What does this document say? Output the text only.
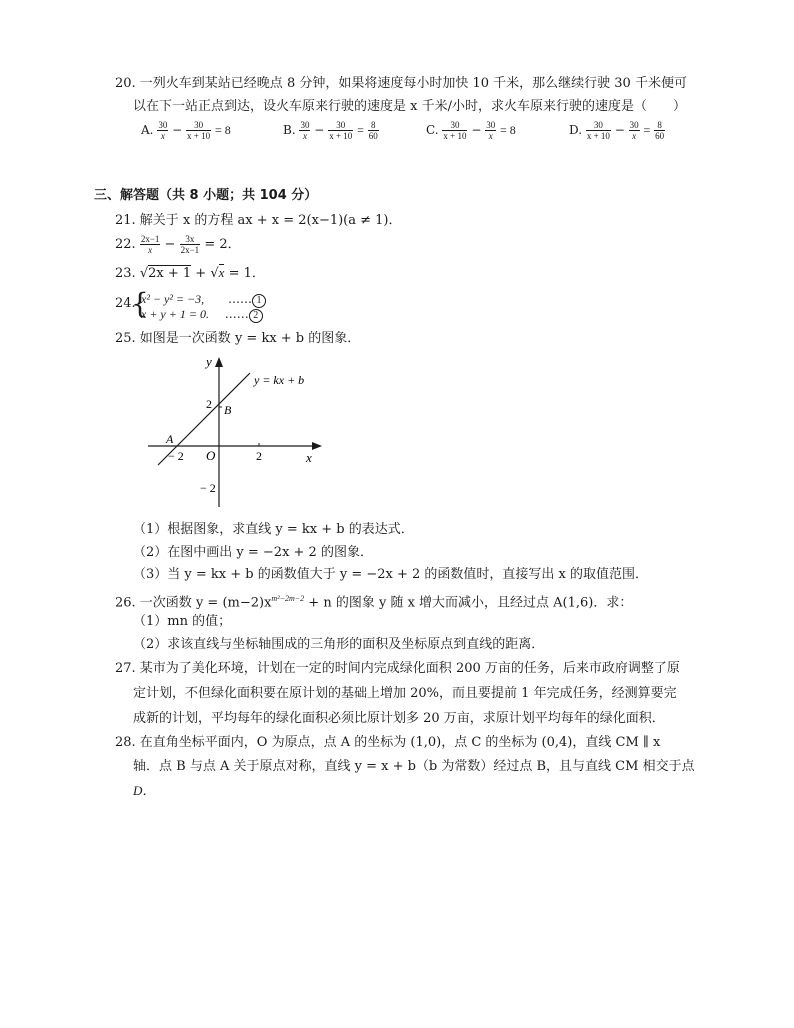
20. 一列火车到某站已经晚点 8 分钟，如果将速度每小时加快 10 千米，那么继续行驶 30 千米便可
以在下一站正点到达，设火车原来行驶的速度是 x 千米/小时，求火车原来行驶的速度是（　　）
A. $\frac{30}{x} - \frac{30}{x + 10} = 8$	B. $\frac{30}{x} - \frac{30}{x + 10} = \frac{8}{60}$	C. $\frac{30}{x + 10} - \frac{30}{x} = 8$	D. $\frac{30}{x + 10} - \frac{30}{x} = \frac{8}{60}$
三、解答题（共 8 小题；共 104 分）
21. 解关于 x 的方程 ax + x = 2(x−1)(a ≠ 1)．
22. $\frac{2x-1}{x} - \frac{3x}{2x-1} = 2$．
23. √2x + 1 + √x = 1．
24.
{
x² − y² = −3, …… 1
x + y + 1 = 0. …… 2
25. 如图是一次函数 y = kx + b 的图象．
y = kx + b
y
x
O
A
B
2
− 2
2
− 2
（1）根据图象，求直线 y = kx + b 的表达式．
（2）在图中画出 y = −2x + 2 的图象．
（3）当 y = kx + b 的函数值大于 y = −2x + 2 的函数值时，直接写出 x 的取值范围．
26. 一次函数 $y = (m-2)x^{m^2-2m-2} + n$ 的图象 y 随 x 增大而减小，且经过点 A(1,6)．求：
（1）mn 的值；
（2）求该直线与坐标轴围成的三角形的面积及坐标原点到直线的距离．
27. 某市为了美化环境，计划在一定的时间内完成绿化面积 200 万亩的任务，后来市政府调整了原
定计划，不但绿化面积要在原计划的基础上增加 20%，而且要提前 1 年完成任务，经测算要完
成新的计划，平均每年的绿化面积必须比原计划多 20 万亩，求原计划平均每年的绿化面积．
28. 在直角坐标平面内，O 为原点，点 A 的坐标为 (1,0)，点 C 的坐标为 (0,4)，直线 CM ∥ x
轴．点 B 与点 A 关于原点对称，直线 y = x + b（b 为常数）经过点 B，且与直线 CM 相交于点
D．
